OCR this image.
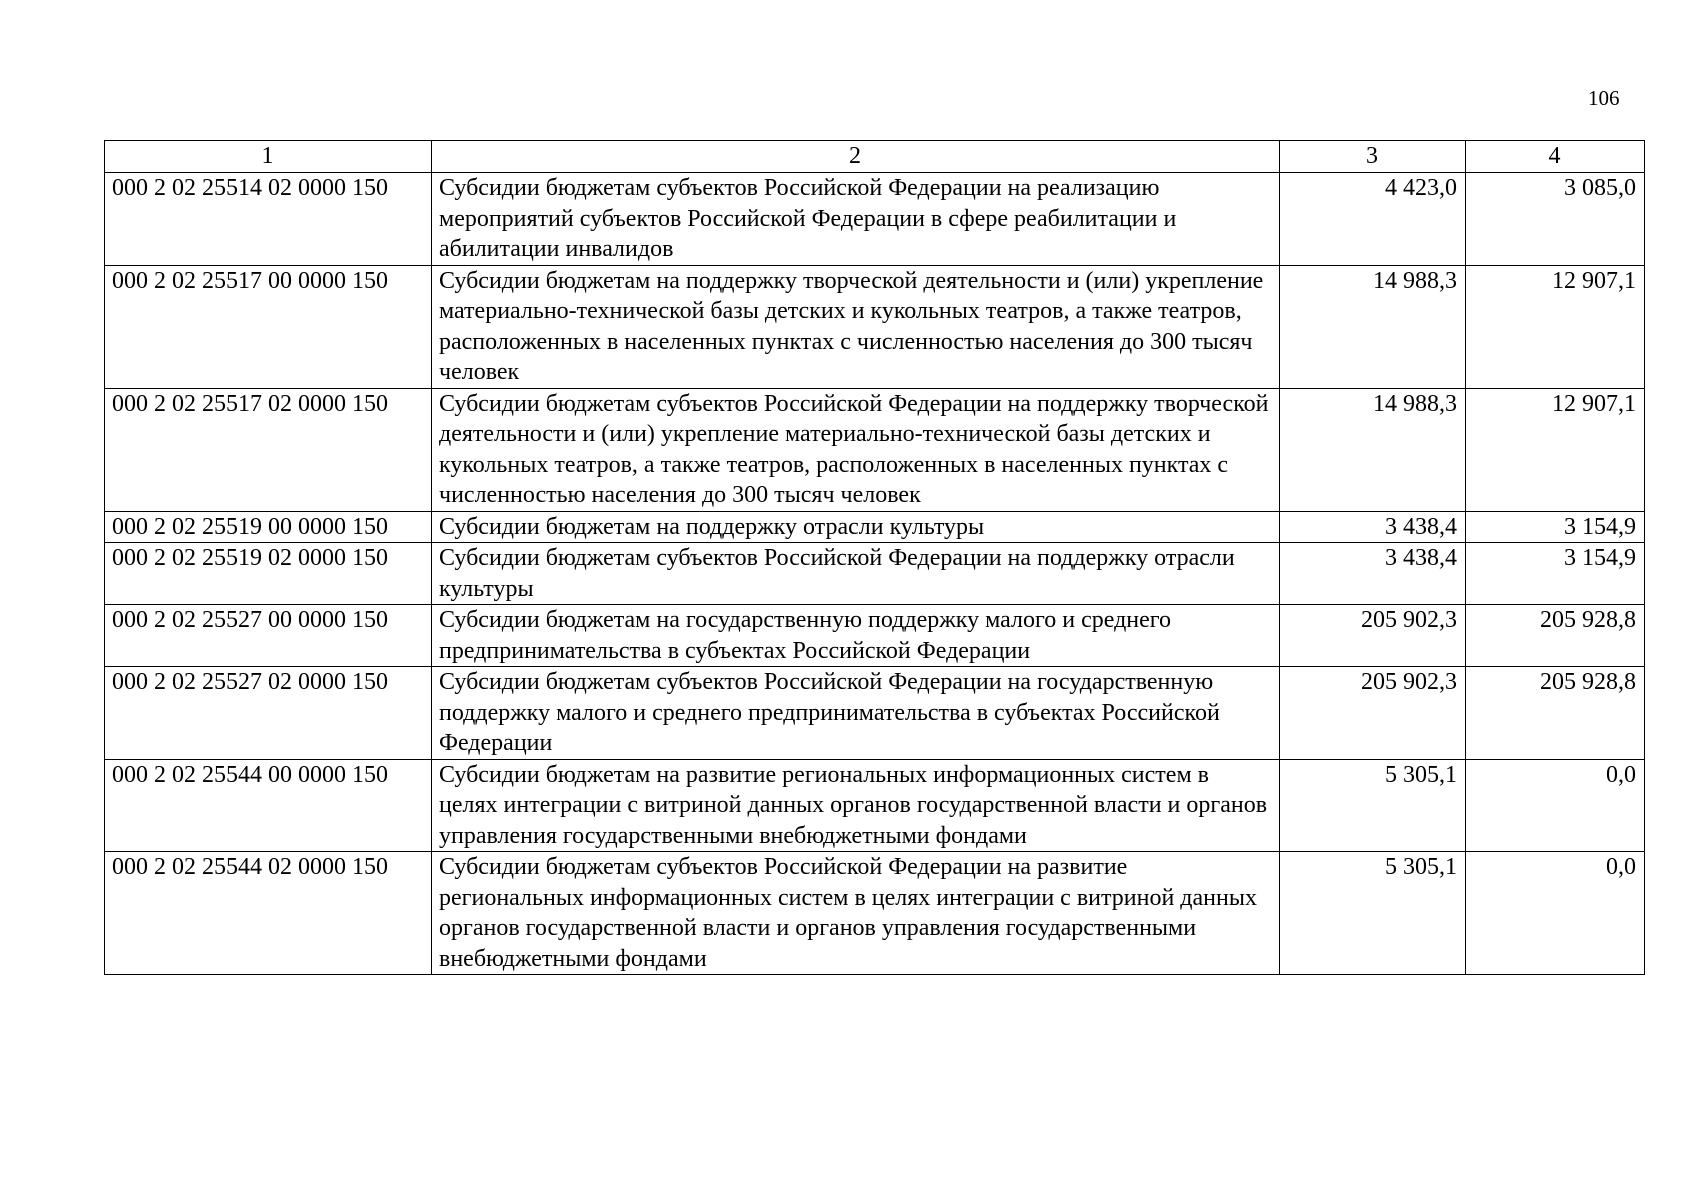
106
1	2	3	4
000 2 02 25514 02 0000 150	Субсидии бюджетам субъектов Российской Федерации на реализацию мероприятий субъектов Российской Федерации в сфере реабилитации и абилитации инвалидов	4 423,0	3 085,0
000 2 02 25517 00 0000 150	Субсидии бюджетам на поддержку творческой деятельности и (или) укрепление материально-технической базы детских и кукольных театров, а также театров, расположенных в населенных пунктах с численностью населения до 300 тысяч человек	14 988,3	12 907,1
000 2 02 25517 02 0000 150	Субсидии бюджетам субъектов Российской Федерации на поддержку творческой деятельности и (или) укрепление материально-технической базы детских и кукольных театров, а также театров, расположенных в населенных пунктах с численностью населения до 300 тысяч человек	14 988,3	12 907,1
000 2 02 25519 00 0000 150	Субсидии бюджетам на поддержку отрасли культуры	3 438,4	3 154,9
000 2 02 25519 02 0000 150	Субсидии бюджетам субъектов Российской Федерации на поддержку отрасли культуры	3 438,4	3 154,9
000 2 02 25527 00 0000 150	Субсидии бюджетам на государственную поддержку малого и среднего предпринимательства в субъектах Российской Федерации	205 902,3	205 928,8
000 2 02 25527 02 0000 150	Субсидии бюджетам субъектов Российской Федерации на государственную поддержку малого и среднего предпринимательства в субъектах Российской Федерации	205 902,3	205 928,8
000 2 02 25544 00 0000 150	Субсидии бюджетам на развитие региональных информационных систем в целях интеграции с витриной данных органов государственной власти и органов управления государственными внебюджетными фондами	5 305,1	0,0
000 2 02 25544 02 0000 150	Субсидии бюджетам субъектов Российской Федерации на развитие региональных информационных систем в целях интеграции с витриной данных органов государственной власти и органов управления государственными внебюджетными фондами	5 305,1	0,0
